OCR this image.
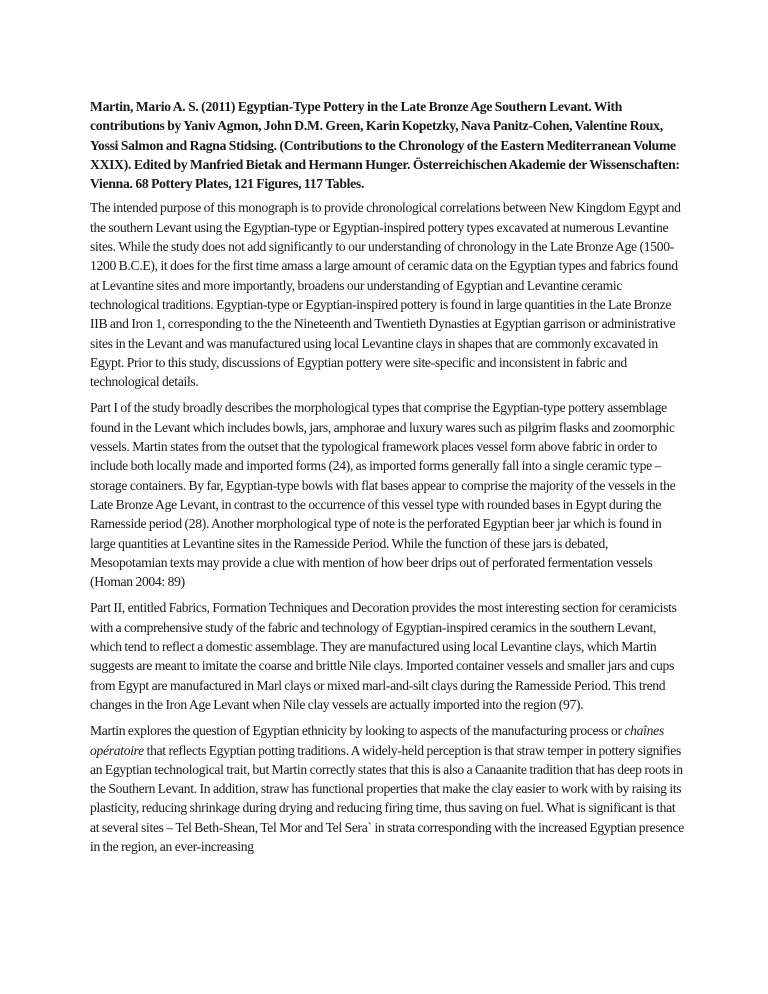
Martin, Mario A. S. (2011) Egyptian-Type Pottery in the Late Bronze Age Southern Levant. With contributions by Yaniv Agmon, John D.M. Green, Karin Kopetzky, Nava Panitz-Cohen, Valentine Roux, Yossi Salmon and Ragna Stidsing. (Contributions to the Chronology of the Eastern Mediterranean Volume XXIX). Edited by Manfried Bietak and Hermann Hunger. Österreichischen Akademie der Wissenschaften: Vienna. 68 Pottery Plates, 121 Figures, 117 Tables.

The intended purpose of this monograph is to provide chronological correlations between New Kingdom Egypt and the southern Levant using the Egyptian-type or Egyptian-inspired pottery types excavated at numerous Levantine sites. While the study does not add significantly to our understanding of chronology in the Late Bronze Age (1500-1200 B.C.E), it does for the first time amass a large amount of ceramic data on the Egyptian types and fabrics found at Levantine sites and more importantly, broadens our understanding of Egyptian and Levantine ceramic technological traditions. Egyptian-type or Egyptian-inspired pottery is found in large quantities in the Late Bronze IIB and Iron 1, corresponding to the the Nineteenth and Twentieth Dynasties at Egyptian garrison or administrative sites in the Levant and was manufactured using local Levantine clays in shapes that are commonly excavated in Egypt. Prior to this study, discussions of Egyptian pottery were site-specific and inconsistent in fabric and technological details.

Part I of the study broadly describes the morphological types that comprise the Egyptian-type pottery assemblage found in the Levant which includes bowls, jars, amphorae and luxury wares such as pilgrim flasks and zoomorphic vessels. Martin states from the outset that the typological framework places vessel form above fabric in order to include both locally made and imported forms (24), as imported forms generally fall into a single ceramic type – storage containers. By far, Egyptian-type bowls with flat bases appear to comprise the majority of the vessels in the Late Bronze Age Levant, in contrast to the occurrence of this vessel type with rounded bases in Egypt during the Ramesside period (28). Another morphological type of note is the perforated Egyptian beer jar which is found in large quantities at Levantine sites in the Ramesside Period. While the function of these jars is debated, Mesopotamian texts may provide a clue with mention of how beer drips out of perforated fermentation vessels (Homan 2004: 89)

Part II, entitled Fabrics, Formation Techniques and Decoration provides the most interesting section for ceramicists with a comprehensive study of the fabric and technology of Egyptian-inspired ceramics in the southern Levant, which tend to reflect a domestic assemblage. They are manufactured using local Levantine clays, which Martin suggests are meant to imitate the coarse and brittle Nile clays. Imported container vessels and smaller jars and cups from Egypt are manufactured in Marl clays or mixed marl-and-silt clays during the Ramesside Period. This trend changes in the Iron Age Levant when Nile clay vessels are actually imported into the region (97).

Martin explores the question of Egyptian ethnicity by looking to aspects of the manufacturing process or chaînes opératoire that reflects Egyptian potting traditions. A widely-held perception is that straw temper in pottery signifies an Egyptian technological trait, but Martin correctly states that this is also a Canaanite tradition that has deep roots in the Southern Levant. In addition, straw has functional properties that make the clay easier to work with by raising its plasticity, reducing shrinkage during drying and reducing firing time, thus saving on fuel. What is significant is that at several sites – Tel Beth-Shean, Tel Mor and Tel Sera` in strata corresponding with the increased Egyptian presence in the region, an ever-increasing
